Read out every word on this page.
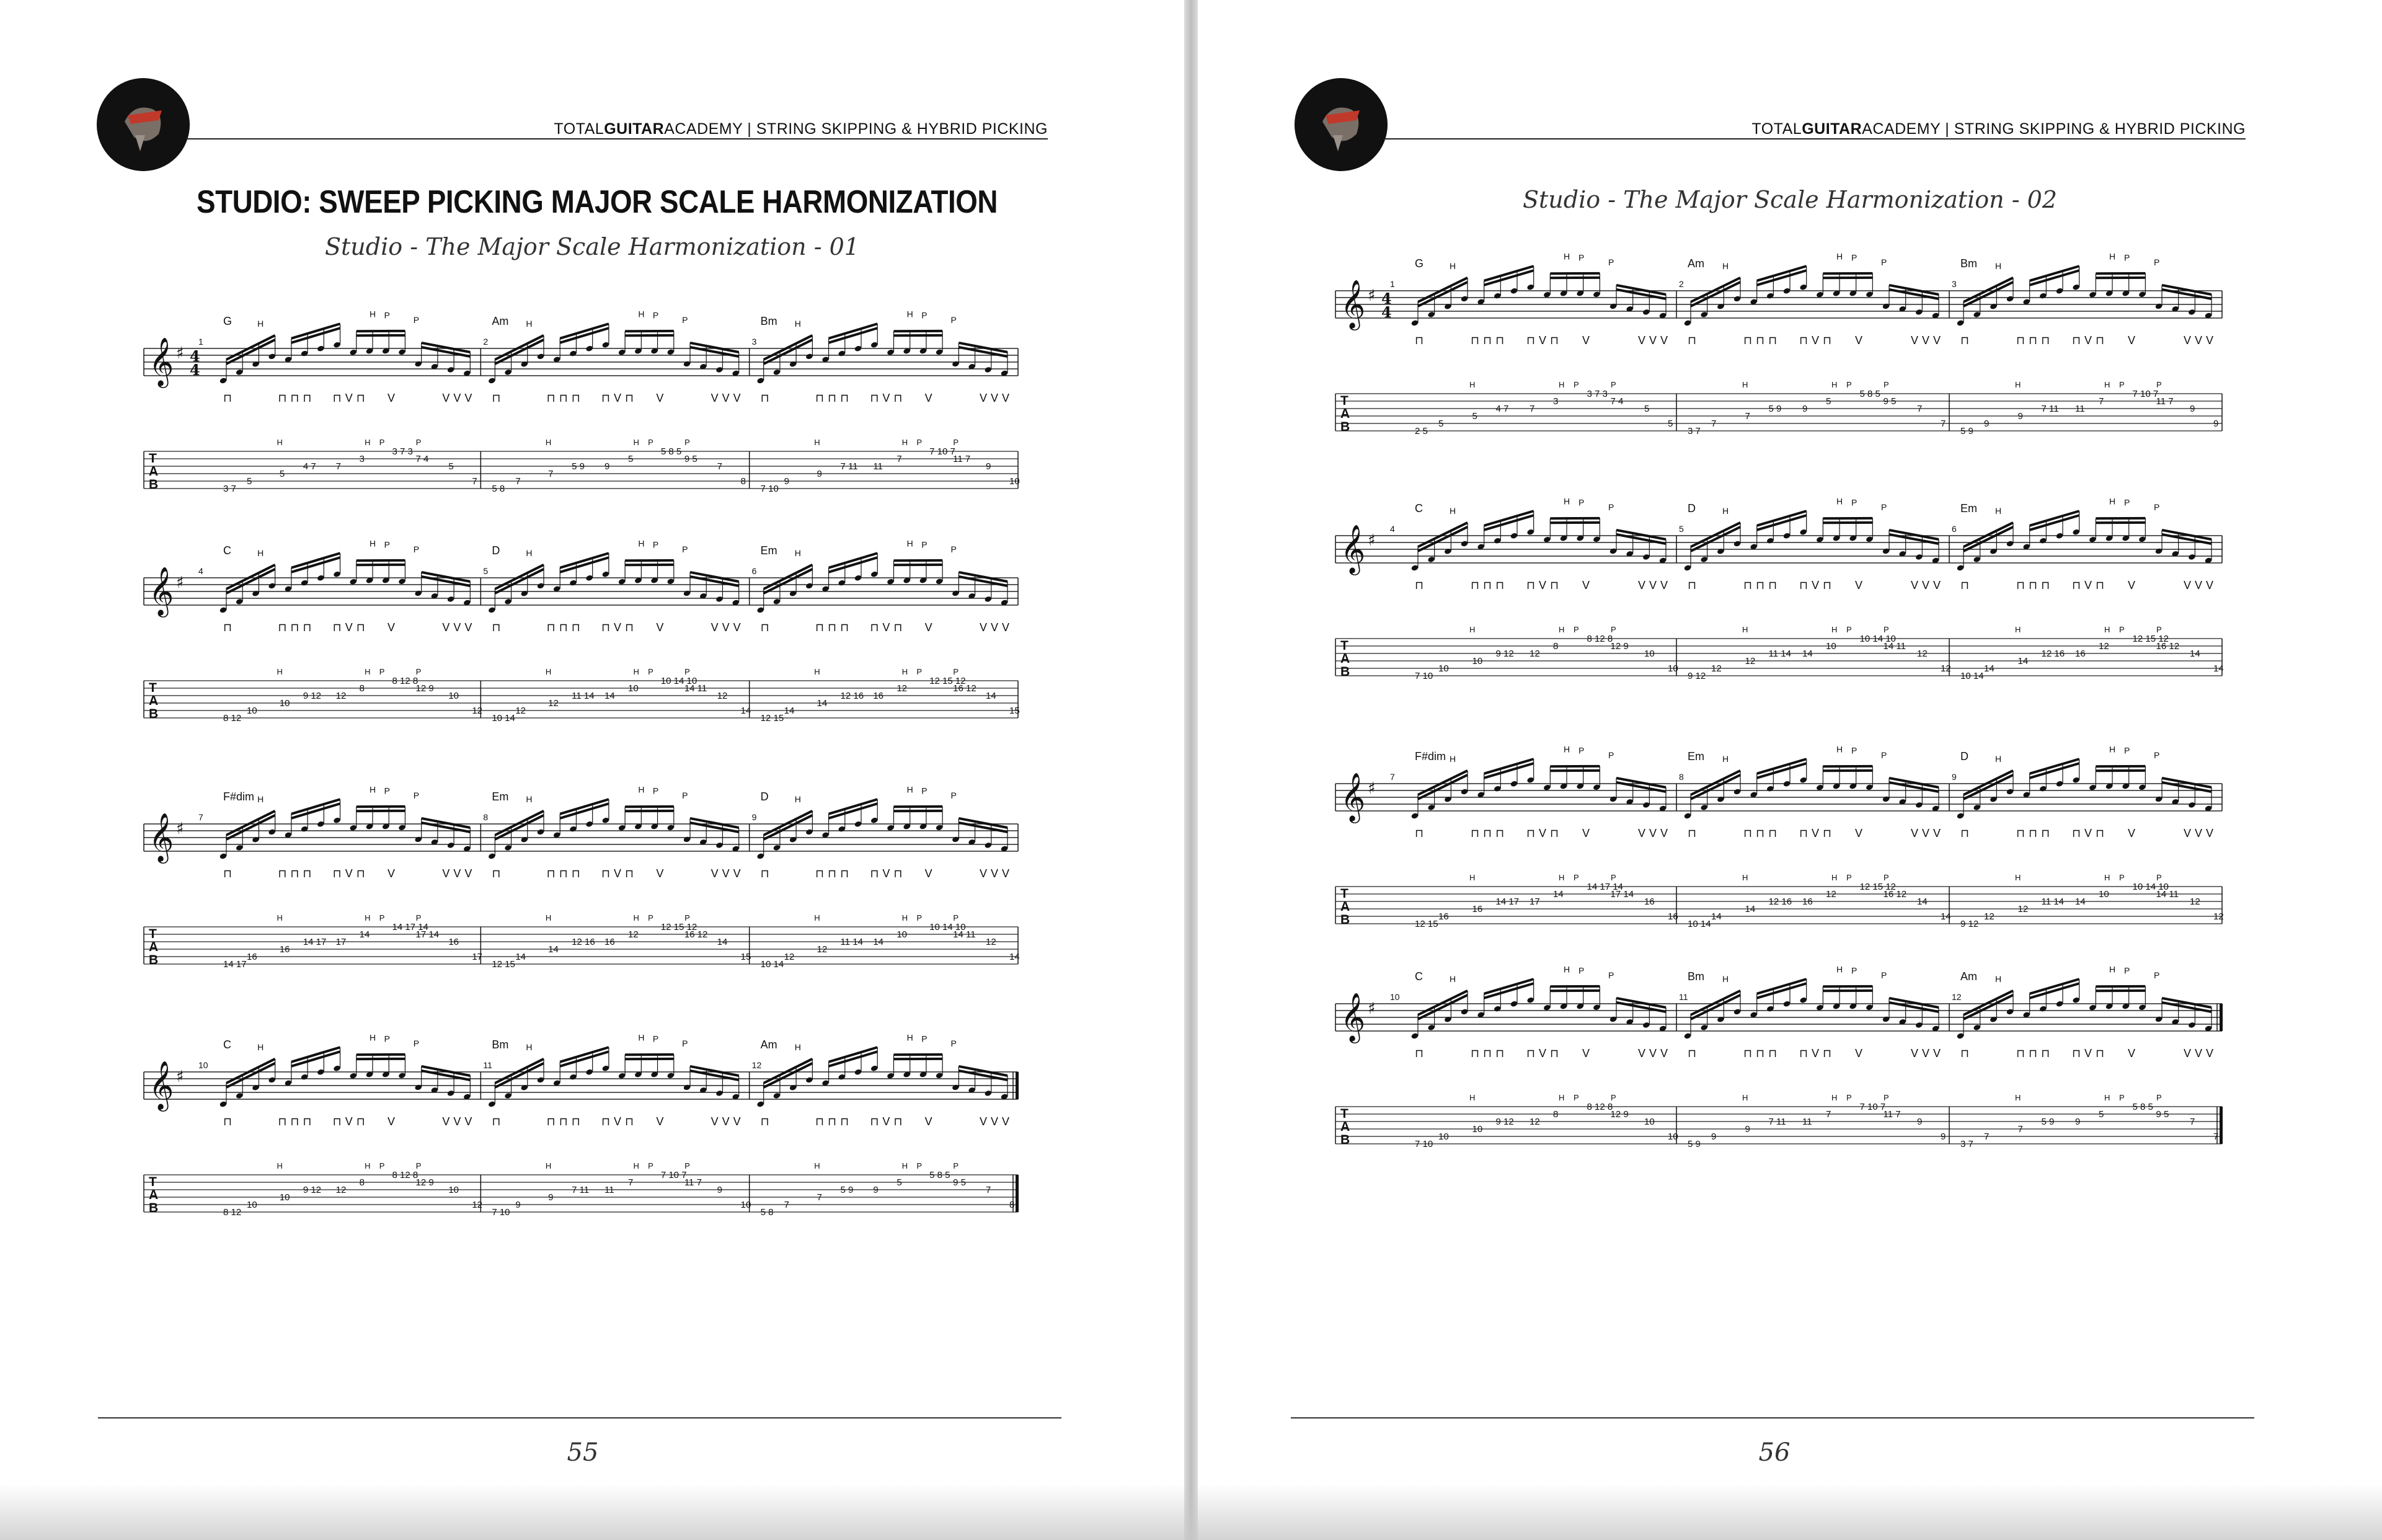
TOTALGUITARACADEMY | STRING SKIPPING & HYBRID PICKING
STUDIO: SWEEP PICKING MAJOR SCALE HARMONIZATION
Studio - The Major Scale Harmonization - 01
𝄞 ♯ 4
4
T
A
B
1
G	H
H P	P
⊓	⊓⊓⊓ ⊓V⊓ V	VVV
H	H P	P
3 7
5
5
4 7 7
3
3 7 3
7 4
5
7
2
Am H
H P	P
⊓	⊓⊓⊓ ⊓V⊓ V	VVV
H	H P	P
5 8
7
7
5 9 9
5
5 8 5
9 5
7
8
3
Bm H
H P	P
⊓	⊓⊓⊓ ⊓V⊓ V	VVV
H	H P	P
7 10
9
9
7 11 11
7
7 10 7
11 7
9
10
𝄞 ♯
T
A
B
4
C	H
H P	P
⊓	⊓⊓⊓ ⊓V⊓ V	VVV
H	H P	P
8 12
10
10
9 12 12
8
8 12 8
12 9
10
12
5
D	H
H P	P
⊓	⊓⊓⊓ ⊓V⊓ V	VVV
H	H P	P
10 14
12
12
11 14 14
10
10 14 10
14 11
12
14
6
Em H
H P	P
⊓	⊓⊓⊓ ⊓V⊓ V	VVV
H	H P	P
12 15
14
14
12 16 16
12
12 15 12
16 12
14
15
𝄞 ♯
T
A
B
7
F#dim H
H P	P
⊓	⊓⊓⊓ ⊓V⊓ V	VVV
H	H P	P
14 17
16
16
14 17 17
14
14 17 14
17 14
16
17
8
Em H
H P	P
⊓	⊓⊓⊓ ⊓V⊓ V	VVV
H	H P	P
12 15
14
14
12 16 16
12
12 15 12
16 12
14
15
9
D	H
H P	P
⊓	⊓⊓⊓ ⊓V⊓ V	VVV
H	H P	P
10 14
12
12
11 14 14
10
10 14 10
14 11
12
14
𝄞 ♯
T
A
B
10
C	H
H P	P
⊓	⊓⊓⊓ ⊓V⊓ V	VVV
H	H P	P
8 12
10
10
9 12 12
8
8 12 8
12 9
10
12
11
Bm H
H P	P
⊓	⊓⊓⊓ ⊓V⊓ V	VVV
H	H P	P
7 10
9
9
7 11 11
7
7 10 7
11 7
9
10
12
Am H
H P	P
⊓	⊓⊓⊓ ⊓V⊓ V	VVV
H	H P	P
5 8
7
7
5 9 9
5
5 8 5
9 5
7
8
55
TOTALGUITARACADEMY | STRING SKIPPING & HYBRID PICKING
Studio - The Major Scale Harmonization - 02
𝄞 ♯ 4
4
T
A
B
1
G	H
H P	P
⊓	⊓⊓⊓ ⊓V⊓ V	VVV
H	H P	P
2 5
5
5
4 7 7
3
3 7 3
7 4
5
5
2
Am H
H P	P
⊓	⊓⊓⊓ ⊓V⊓ V	VVV
H	H P	P
3 7
7
7
5 9 9
5
5 8 5
9 5
7
7
3
Bm H
H P	P
⊓	⊓⊓⊓ ⊓V⊓ V	VVV
H	H P	P
5 9
9
9
7 11 11
7
7 10 7
11 7
9
9
𝄞 ♯
T
A
B
4
C	H
H P	P
⊓	⊓⊓⊓ ⊓V⊓ V	VVV
H	H P	P
7 10
10
10
9 12 12
8
8 12 8
12 9
10
10
5
D	H
H P	P
⊓	⊓⊓⊓ ⊓V⊓ V	VVV
H	H P	P
9 12
12
12
11 14 14
10
10 14 10
14 11
12
12
6
Em H
H P	P
⊓	⊓⊓⊓ ⊓V⊓ V	VVV
H	H P	P
10 14
14
14
12 16 16
12
12 15 12
16 12
14
14
𝄞 ♯
T
A
B
7
F#dim H
H P	P
⊓	⊓⊓⊓ ⊓V⊓ V	VVV
H	H P	P
12 15
16
16
14 17 17
14
14 17 14
17 14
16
16
8
Em H
H P	P
⊓	⊓⊓⊓ ⊓V⊓ V	VVV
H	H P	P
10 14
14
14
12 16 16
12
12 15 12
16 12
14
14
9
D	H
H P	P
⊓	⊓⊓⊓ ⊓V⊓ V	VVV
H	H P	P
9 12
12
12
11 14 14
10
10 14 10
14 11
12
12
𝄞 ♯
T
A
B
10
C	H
H P	P
⊓	⊓⊓⊓ ⊓V⊓ V	VVV
H	H P	P
7 10
10
10
9 12 12
8
8 12 8
12 9
10
10
11
Bm H
H P	P
⊓	⊓⊓⊓ ⊓V⊓ V	VVV
H	H P	P
5 9
9
9
7 11 11
7
7 10 7
11 7
9
9
12
Am H
H P	P
⊓	⊓⊓⊓ ⊓V⊓ V	VVV
H	H P	P
3 7
7
7
5 9 9
5
5 8 5
9 5
7
7
56
